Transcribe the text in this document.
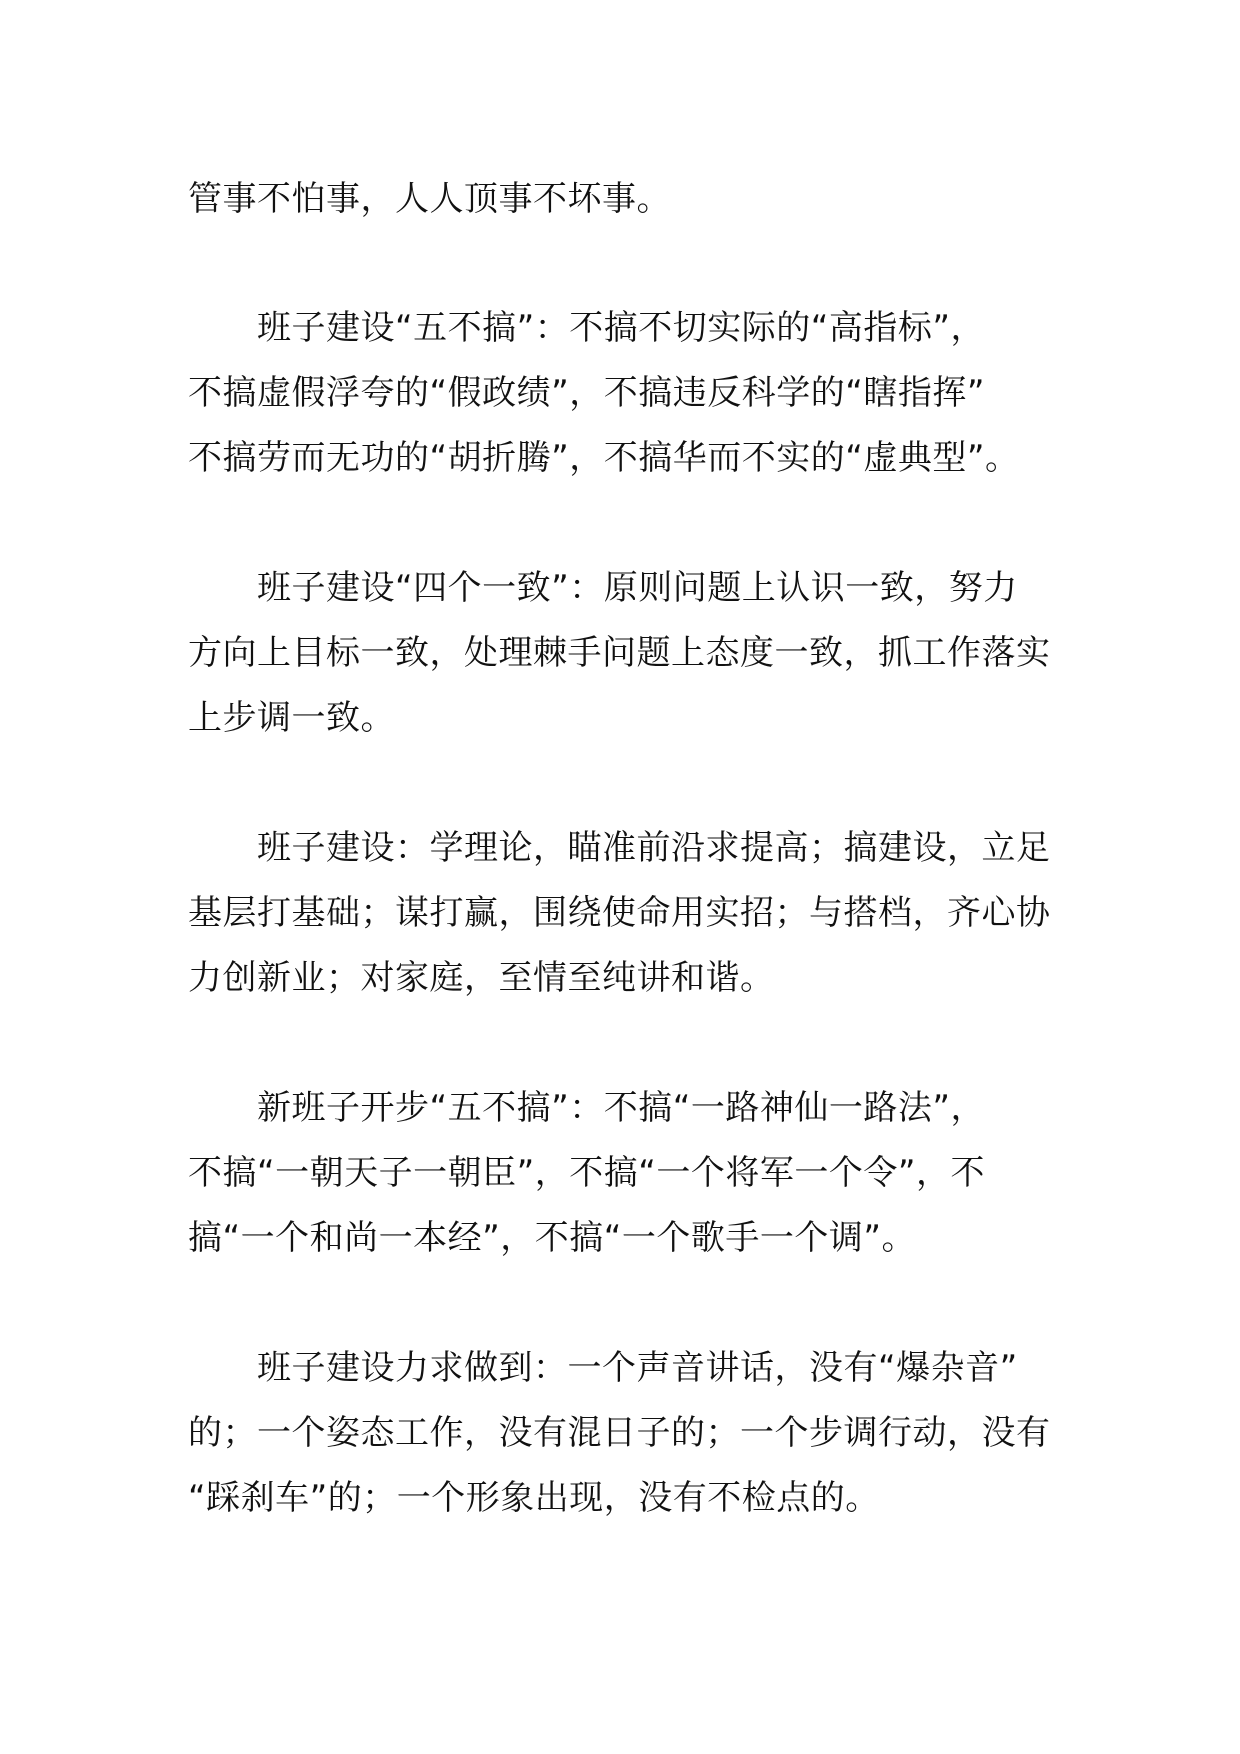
管事不怕事，人人顶事不坏事。

　　班子建设“五不搞”：不搞不切实际的“高指标”，
不搞虚假浮夸的“假政绩”，不搞违反科学的“瞎指挥”
不搞劳而无功的“胡折腾”，不搞华而不实的“虚典型”。

　　班子建设“四个一致”：原则问题上认识一致，努力
方向上目标一致，处理棘手问题上态度一致，抓工作落实
上步调一致。

　　班子建设：学理论，瞄准前沿求提高；搞建设，立足
基层打基础；谋打赢，围绕使命用实招；与搭档，齐心协
力创新业；对家庭，至情至纯讲和谐。

　　新班子开步“五不搞”：不搞“一路神仙一路法”，
不搞“一朝天子一朝臣”，不搞“一个将军一个令”，不
搞“一个和尚一本经”，不搞“一个歌手一个调”。

　　班子建设力求做到：一个声音讲话，没有“爆杂音”
的；一个姿态工作，没有混日子的；一个步调行动，没有
“踩刹车”的；一个形象出现，没有不检点的。
